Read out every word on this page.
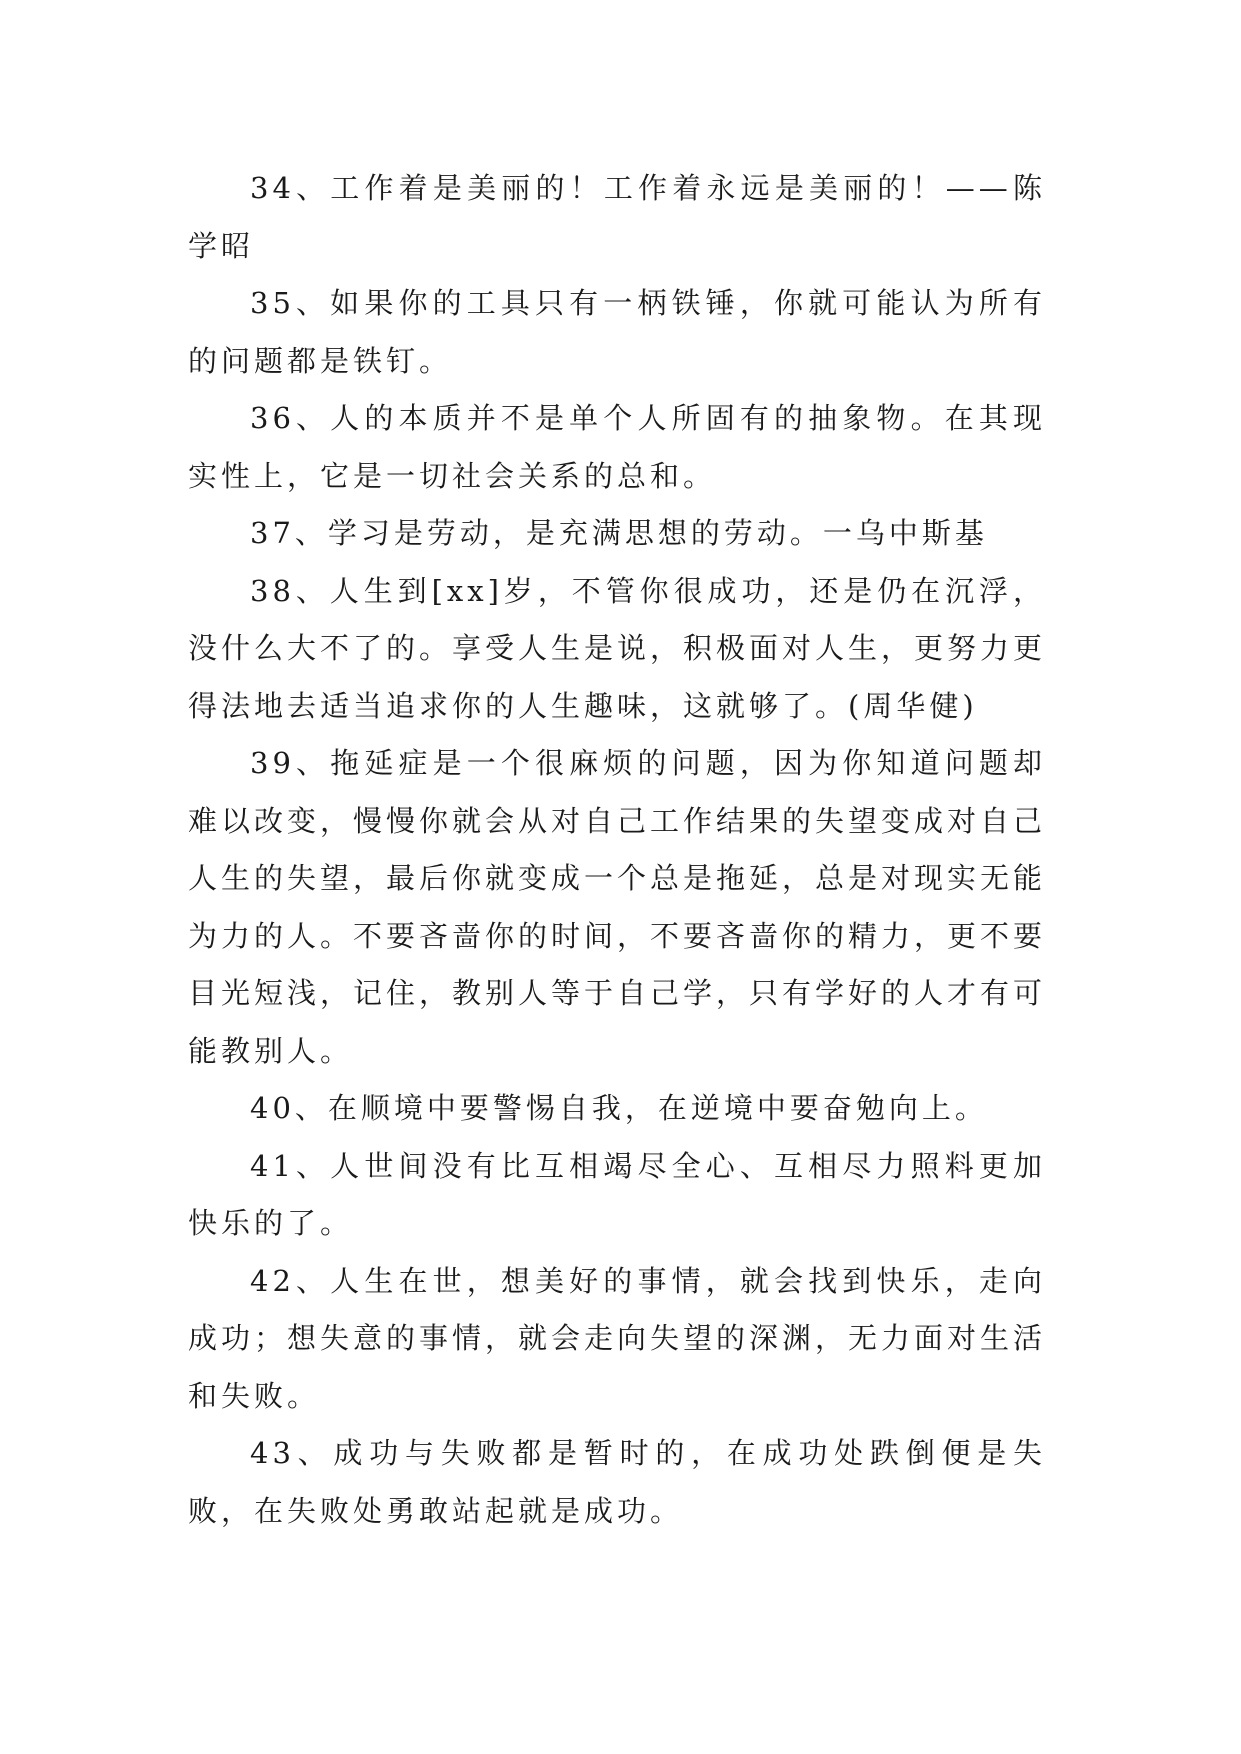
34、工作着是美丽的！工作着永远是美丽的！——陈学昭

35、如果你的工具只有一柄铁锤，你就可能认为所有的问题都是铁钉。

36、人的本质并不是单个人所固有的抽象物。在其现实性上，它是一切社会关系的总和。

37、学习是劳动，是充满思想的劳动。一乌中斯基

38、人生到[xx]岁，不管你很成功，还是仍在沉浮，没什么大不了的。享受人生是说，积极面对人生，更努力更得法地去适当追求你的人生趣味，这就够了。(周华健)

39、拖延症是一个很麻烦的问题，因为你知道问题却难以改变，慢慢你就会从对自己工作结果的失望变成对自己人生的失望，最后你就变成一个总是拖延，总是对现实无能为力的人。不要吝啬你的时间，不要吝啬你的精力，更不要目光短浅，记住，教别人等于自己学，只有学好的人才有可能教别人。

40、在顺境中要警惕自我，在逆境中要奋勉向上。

41、人世间没有比互相竭尽全心、互相尽力照料更加快乐的了。

42、人生在世，想美好的事情，就会找到快乐，走向成功；想失意的事情，就会走向失望的深渊，无力面对生活和失败。

43、成功与失败都是暂时的，在成功处跌倒便是失败，在失败处勇敢站起就是成功。
